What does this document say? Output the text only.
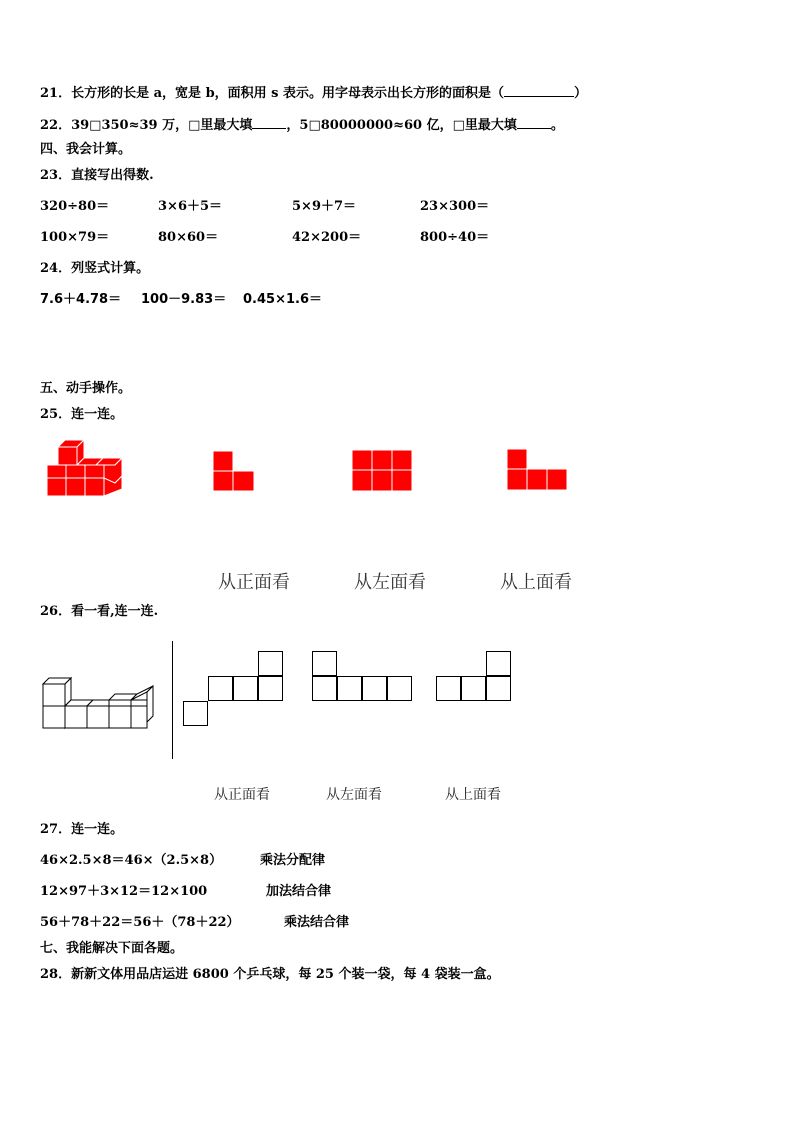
21．长方形的长是 a，宽是 b，面积用 s 表示。用字母表示出长方形的面积是（	）
22．39□350≈39 万，□里最大填	，5□80000000≈60 亿，□里最大填	。
四、我会计算。
23．直接写出得数.
320÷80＝	3×6＋5＝	5×9＋7＝	23×300＝
100×79＝	80×60＝	42×200＝	800÷40＝
24．列竖式计算。
7.6＋4.78＝ 100－9.83＝ 0.45×1.6＝
五、动手操作。
25．连一连。
从正面看	从左面看	从上面看
26．看一看,连一连.
从正面看	从左面看	从上面看
27．连一连。
46×2.5×8＝46×（2.5×8）	乘法分配律
12×97＋3×12＝12×100	加法结合律
56＋78＋22＝56＋（78＋22）	乘法结合律
七、我能解决下面各题。
28．新新文体用品店运进 6800 个乒乓球，每 25 个装一袋，每 4 袋装一盒。
